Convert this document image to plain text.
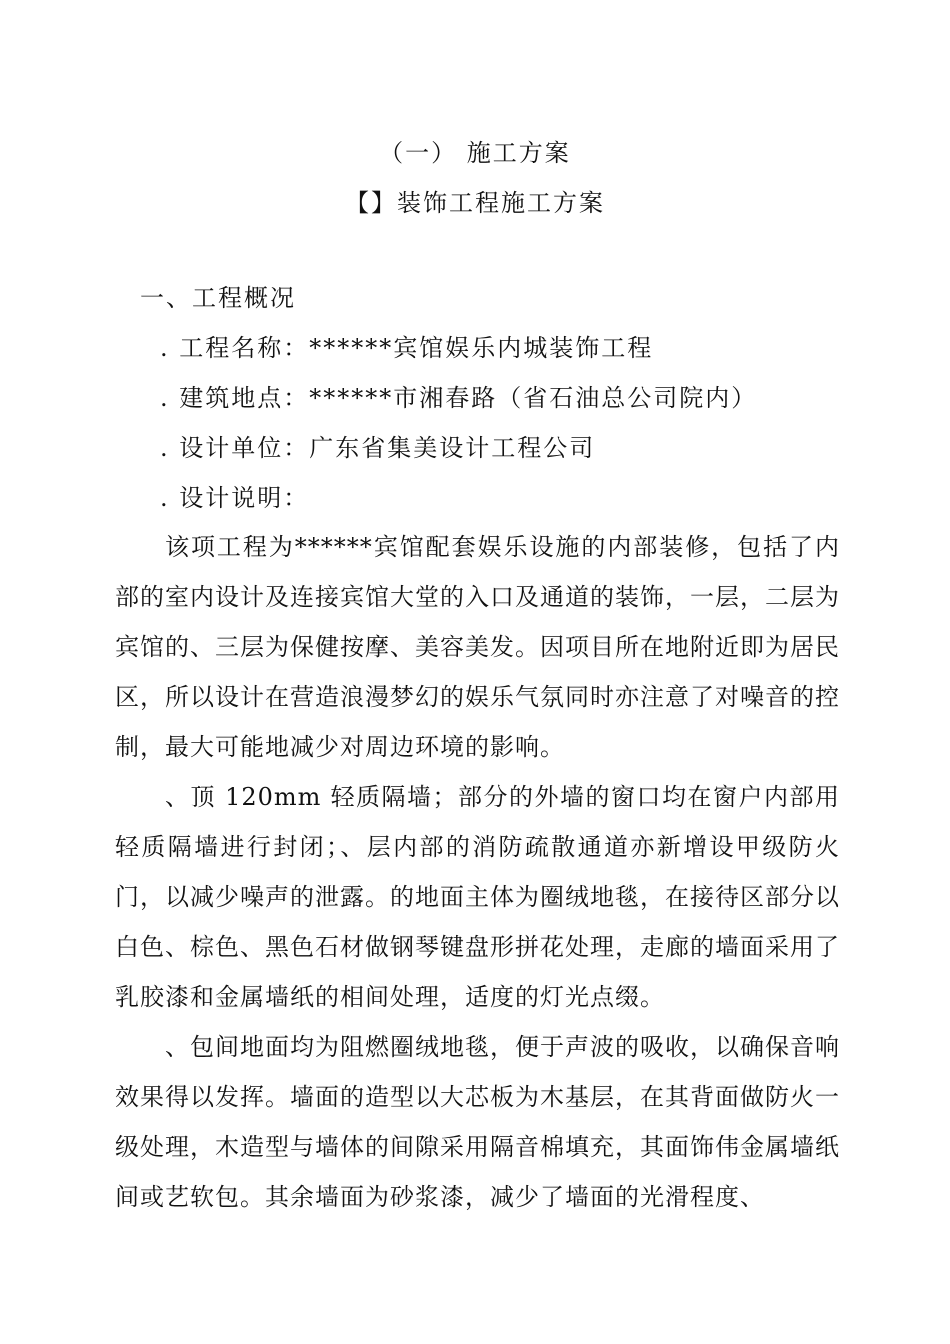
（一） 施工方案
【】装饰工程施工方案
一、工程概况
. 工程名称：******宾馆娱乐内城装饰工程
. 建筑地点：******市湘春路（省石油总公司院内）
. 设计单位：广东省集美设计工程公司
. 设计说明：
该项工程为******宾馆配套娱乐设施的内部装修，包括了内部的室内设计及连接宾馆大堂的入口及通道的装饰，一层，二层为宾馆的、三层为保健按摩、美容美发。因项目所在地附近即为居民区，所以设计在营造浪漫梦幻的娱乐气氛同时亦注意了对噪音的控制，最大可能地减少对周边环境的影响。
、顶 120mm 轻质隔墙；部分的外墙的窗口均在窗户内部用轻质隔墙进行封闭；、层内部的消防疏散通道亦新增设甲级防火门，以减少噪声的泄露。的地面主体为圈绒地毯，在接待区部分以白色、棕色、黑色石材做钢琴键盘形拼花处理，走廊的墙面采用了乳胶漆和金属墙纸的相间处理，适度的灯光点缀。
、包间地面均为阻燃圈绒地毯，便于声波的吸收，以确保音响效果得以发挥。墙面的造型以大芯板为木基层，在其背面做防火一级处理，木造型与墙体的间隙采用隔音棉填充，其面饰伟金属墙纸间或艺软包。其余墙面为砂浆漆，减少了墙面的光滑程度、
